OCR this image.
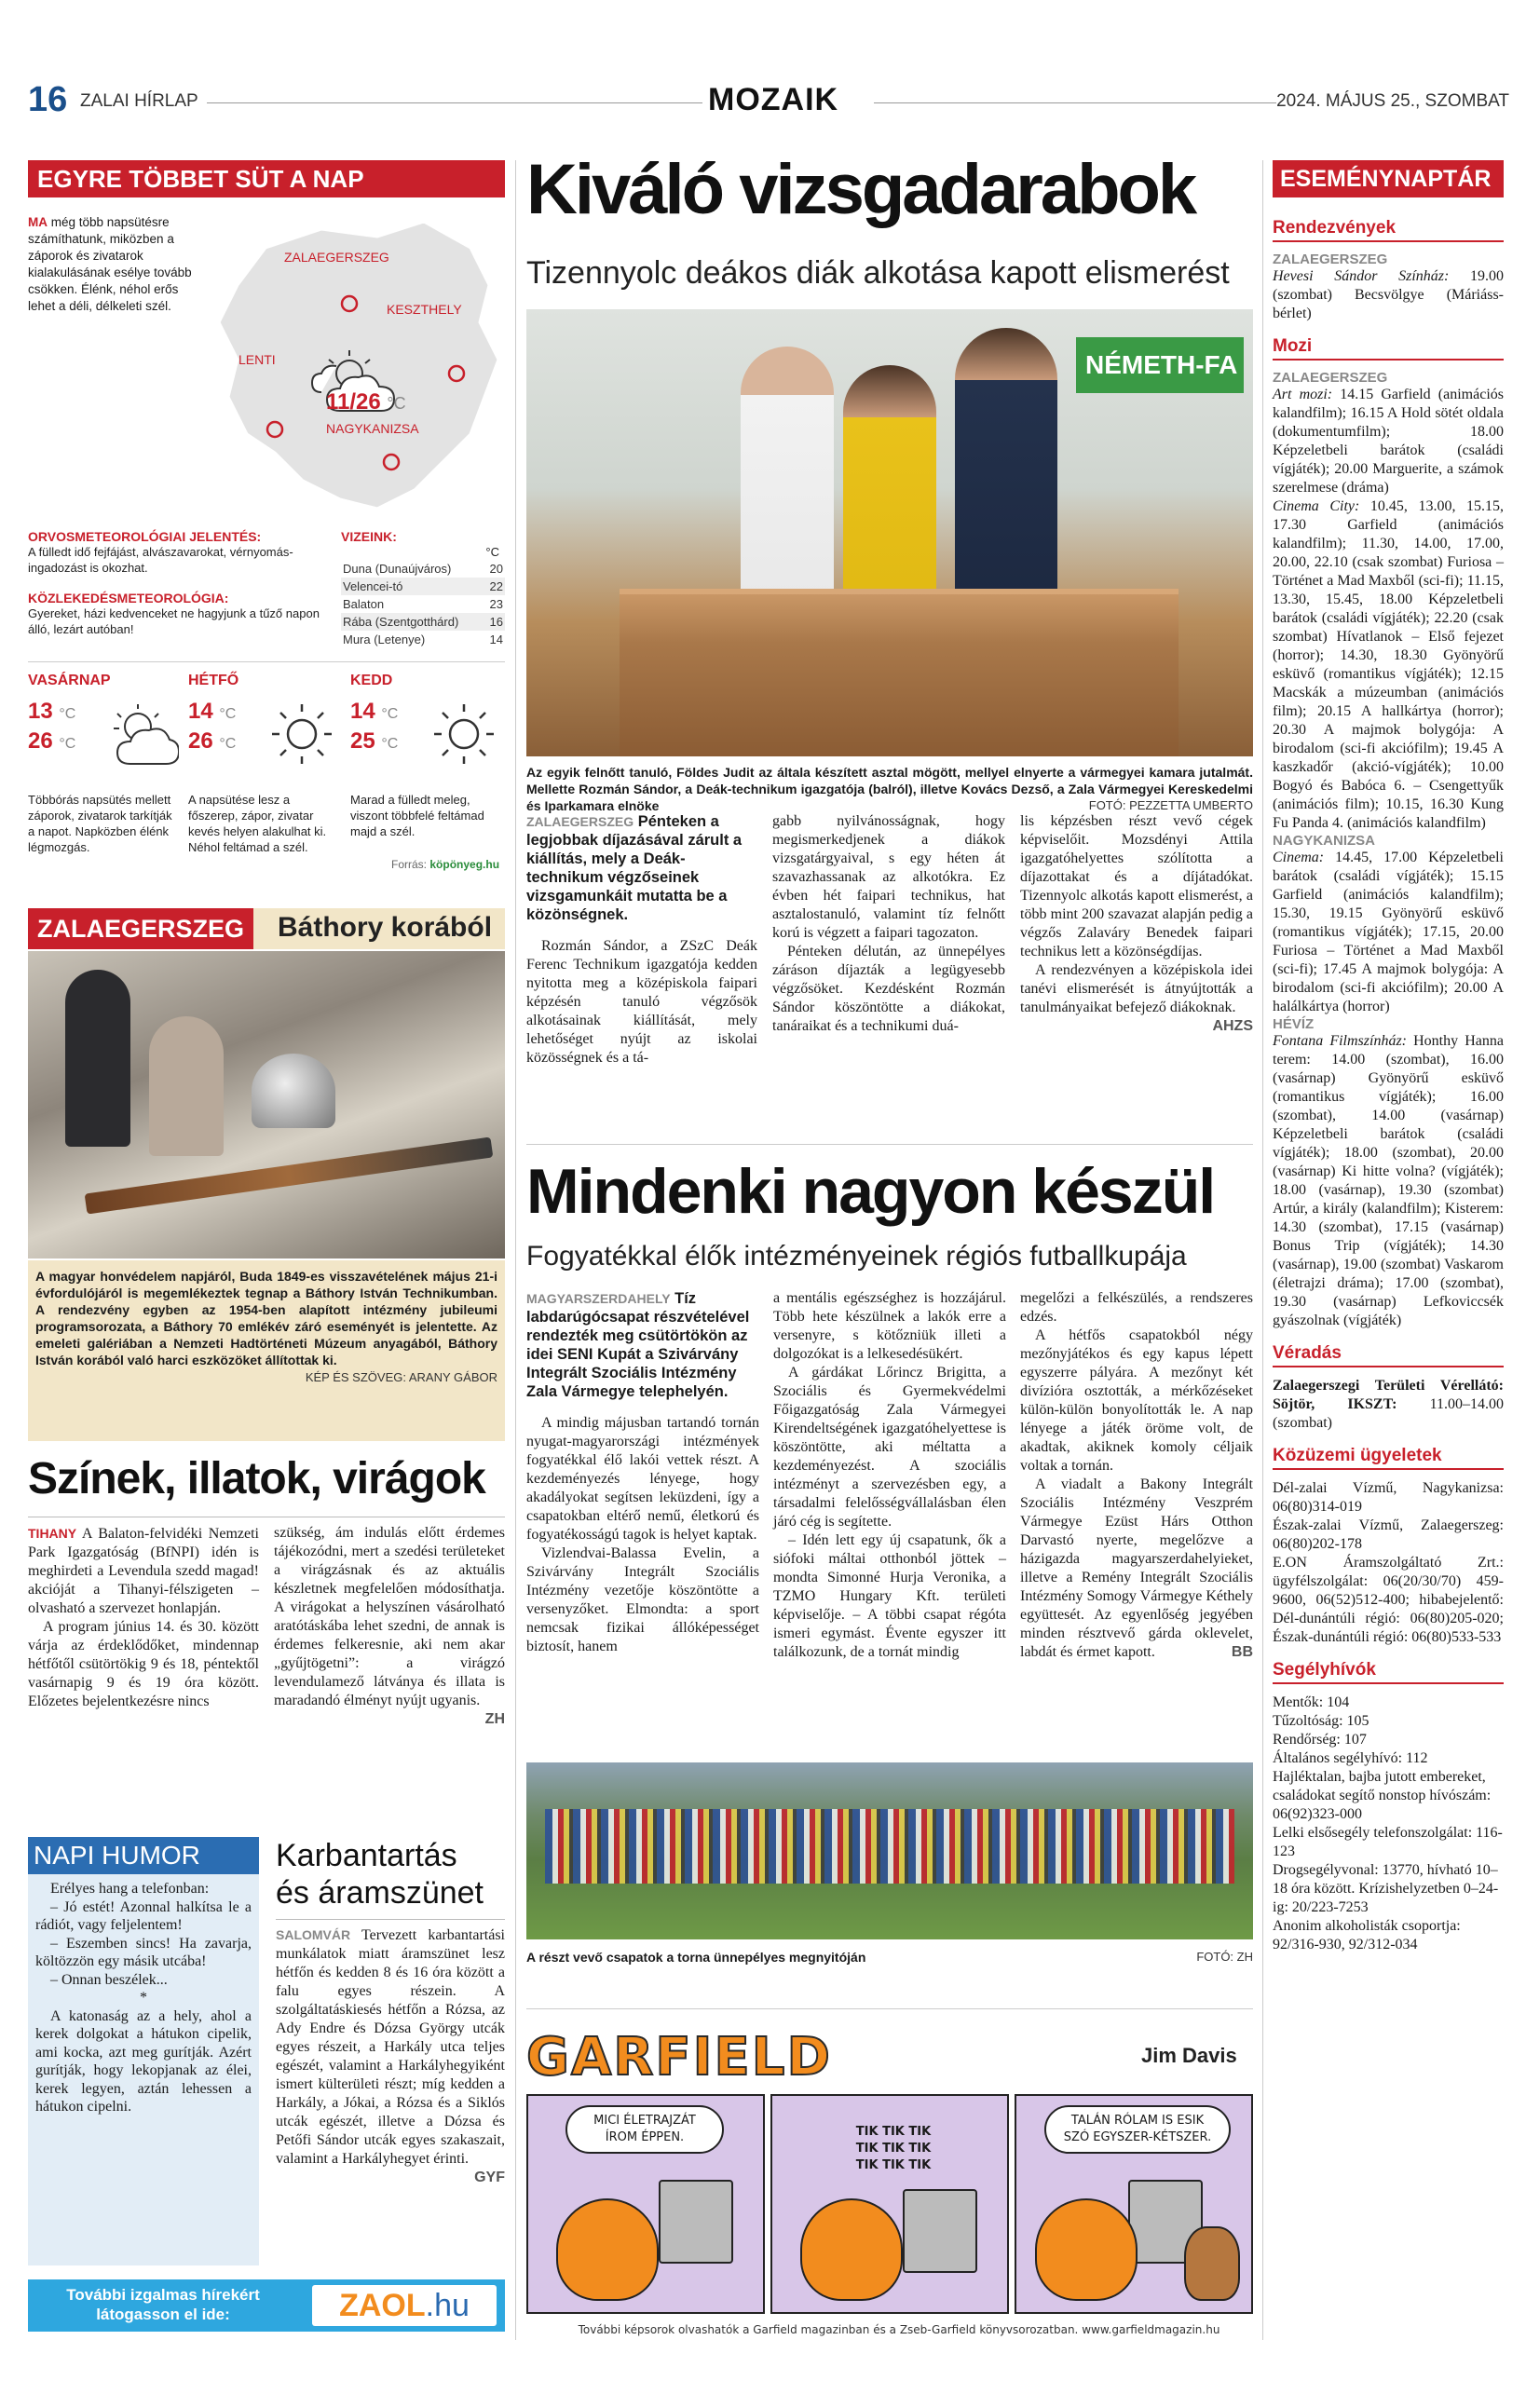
16 ZALAI HÍRLAP	MOZAIK	2024. MÁJUS 25., SZOMBAT
EGYRE TÖBBET SÜT A NAP
MA még több napsütésre számíthatunk, miközben a záporok és zivatarok kialakulásának esélye tovább csökken. Élénk, néhol erős lehet a déli, délkeleti szél.
ZALAEGERSZEG
KESZTHELY
LENTI
NAGYKANIZSA
11/26 °C
ORVOSMETEOROLÓGIAI JELENTÉS:
A fülledt idő fejfájást, alvászavarokat, vérnyomás-ingadozást is okozhat.
KÖZLEKEDÉSMETEOROLÓGIA:
Gyereket, házi kedvenceket ne hagyjunk a tűző napon álló, lezárt autóban!
VIZEINK:
°C
Duna (Dunaújváros)	20
Velencei-tó	22
Balaton	23
Rába (Szentgotthárd)	16
Mura (Letenye)	14
VASÁRNAP
13 °C
26 °C
Többórás napsütés mellett záporok, zivatarok tarkítják a napot. Napközben élénk légmozgás.
HÉTFŐ
14 °C
26 °C
A napsütése lesz a főszerep, zápor, zivatar kevés helyen alakulhat ki. Néhol feltámad a szél.
KEDD
14 °C
25 °C
Marad a fülledt meleg, viszont többfelé feltámad majd a szél.
Forrás: köpönyeg.hu
ZALAEGERSZEG	Báthory korából
A magyar honvédelem napjáról, Buda 1849-es visszavételének május 21-i évfordulójáról is megemlékeztek tegnap a Báthory István Technikumban. A rendezvény egyben az 1954-ben alapított intézmény jubileumi programsorozata, a Báthory 70 emlékév záró eseményét is jelentette. Az emeleti galériában a Nemzeti Hadtörténeti Múzeum anyagából, Báthory István korából való harci eszközöket állítottak ki.
KÉP ÉS SZÖVEG: ARANY GÁBOR
Színek, illatok, virágok

TIHANY A Balaton-felvidéki Nemzeti Park Igazgatóság (BfNPI) idén is meghirdeti a Levendula szedd magad! akcióját a Tihanyi-félszigeten – olvasható a szervezet honlapján.

A program június 14. és 30. között várja az érdeklődőket, mindennap hétfőtől csütörtökig 9 és 18, péntektől vasárnapig 9 és 19 óra között. Előzetes bejelentkezésre nincs

szükség, ám indulás előtt érdemes tájékozódni, mert a szedési területeket a virágzásnak és az aktuális készletnek megfelelően módosíthatja. A virágokat a helyszínen vásárolható aratótáskába lehet szedni, de annak is érdemes felkeresnie, aki nem akar „gyűjtögetni”: a virágzó levendulamező látványa és illata is maradandó élményt nyújt ugyanis.
ZH

NAPI HUMOR

Erélyes hang a telefonban:

– Jó estét! Azonnal halkítsa le a rádiót, vagy feljelentem!

– Eszemben sincs! Ha zavarja, költözzön egy másik utcába!

– Onnan beszélek...

*

A katonaság az a hely, ahol a kerek dolgokat a hátukon cipelik, ami kocka, azt meg gurítják. Azért gurítják, hogy lekopjanak az élei, kerek legyen, aztán lehessen a hátukon cipelni.

Karbantartás
és áramszünet

SALOMVÁR Tervezett karbantartási munkálatok miatt áramszünet lesz hétfőn és kedden 8 és 16 óra között a falu egyes részein. A szolgáltatáskiesés hétfőn a Rózsa, az Ady Endre és Dózsa György utcák egyes részeit, a Harkály utca teljes egészét, valamint a Harkályhegyiként ismert külterületi részt; míg kedden a Harkály, a Jókai, a Rózsa és a Siklós utcák egészét, illetve a Dózsa és Petőfi Sándor utcák egyes szakaszait, valamint a Harkályhegyet érinti.
GYF

További izgalmas hírekért
látogasson el ide:	ZAOL.hu
Kiváló vizsgadarabok
Tizennyolc deákos diák alkotása kapott elismerést
NÉMETH-FA
Az egyik felnőtt tanuló, Földes Judit az általa készített asztal mögött, mellyel elnyerte a vármegyei kamara jutalmát. Mellette Rozmán Sándor, a Deák-technikum igazgatója (balról), illetve Kovács Dezső, a Zala Vármegyei Kereskedelmi és Iparkamara elnöke	FOTÓ: PEZZETTA UMBERTO

ZALAEGERSZEG Pénteken a legjobbak díjazásával zárult a kiállítás, mely a Deák-technikum végzőseinek vizsgamunkáit mutatta be a közönségnek.

Rozmán Sándor, a ZSzC Deák Ferenc Technikum igazgatója kedden nyitotta meg a középiskola faipari képzésén tanuló végzősök alkotásainak kiállítását, mely lehetőséget nyújt az iskolai közösségnek és a tá-

gabb nyilvánosságnak, hogy megismerkedjenek a diákok vizsgatárgyaival, s egy héten át szavazhassanak az alkotókra. Ez évben hét faipari technikus, hat asztalostanuló, valamint tíz felnőtt korú is végzett a faipari tagozaton.

Pénteken délután, az ünnepélyes záráson díjazták a legügyesebb végzősöket. Kezdésként Rozmán Sándor köszöntötte a diákokat, tanáraikat és a technikumi duá-

lis képzésben részt vevő cégek képviselőit. Mozsdényi Attila igazgatóhelyettes szólította a díjazottakat és a díjátadókat. Tizennyolc alkotás kapott elismerést, a több mint 200 szavazat alapján pedig a végzős Zalaváry Benedek faipari technikus lett a közönségdíjas.

A rendezvényen a középiskola idei tanévi elismerését is átnyújtották a tanulmányaikat befejező diákoknak.
AHZS

Mindenki nagyon készül
Fogyatékkal élők intézményeinek régiós futballkupája

MAGYARSZERDAHELY Tíz labdarúgócsapat részvételével rendezték meg csütörtökön az idei SENI Kupát a Szivárvány Integrált Szociális Intézmény Zala Vármegye telephelyén.

A mindig májusban tartandó tornán nyugat-magyarországi intézmények fogyatékkal élő lakói vettek részt. A kezdeményezés lényege, hogy akadályokat segítsen leküzdeni, így a csapatokban eltérő nemű, életkorú és fogyatékosságú tagok is helyet kaptak.

Vizlendvai-Balassa Evelin, a Szivárvány Integrált Szociális Intézmény vezetője köszöntötte a versenyzőket. Elmondta: a sport nemcsak fizikai állóképességet biztosít, hanem

a mentális egészséghez is hozzájárul. Több hete készülnek a lakók erre a versenyre, s kötőzniük illeti a dolgozókat is a lelkesedésükért.

A gárdákat Lőrincz Brigitta, a Szociális és Gyermekvédelmi Főigazgatóság Zala Vármegyei Kirendeltségének igazgatóhelyettese is köszöntötte, aki méltatta a kezdeményezést. A szociális intézményt a szervezésben egy, a társadalmi felelősségvállalásban élen járó cég is segítette.

– Idén lett egy új csapatunk, ők a siófoki máltai otthonból jöttek – mondta Simonné Hurja Veronika, a TZMO Hungary Kft. területi képviselője. – A többi csapat régóta ismeri egymást. Évente egyszer itt találkozunk, de a tornát mindig

megelőzi a felkészülés, a rendszeres edzés.

A hétfős csapatokból négy mezőnyjátékos és egy kapus lépett egyszerre pályára. A mezőnyt két divízióra osztották, a mérkőzéseket külön-külön bonyolították le. A nap lényege a játék öröme volt, de akadtak, akiknek komoly céljaik voltak a tornán.

A viadalt a Bakony Integrált Szociális Intézmény Veszprém Vármegye Ezüst Hárs Otthon Darvastó nyerte, megelőzve a házigazda magyarszerdahelyieket, illetve a Remény Integrált Szociális Intézmény Somogy Vármegye Kéthely együttesét. Az egyenlőség jegyében minden résztvevő gárda oklevelet, labdát és érmet kapott.	BB

A részt vevő csapatok a torna ünnepélyes megnyitóján	FOTÓ: ZH
GARFIELD	Jim Davis
MICI ÉLETRAJZÁT
ÍROM ÉPPEN.	TIK TIK TIK
TIK TIK TIK
TIK TIK TIK
TALÁN RÓLAM IS ESIK
SZÓ EGYSZER-KÉTSZER.
További képsorok olvashatók a Garfield magazinban és a Zseb-Garfield könyvsorozatban. www.garfieldmagazin.hu
ESEMÉNYNAPTÁR
Rendezvények
ZALAEGERSZEG
Hevesi Sándor Színház: 19.00 (szombat) Becsvölgye (Máriáss-bérlet)
Mozi
ZALAEGERSZEG
Art mozi: 14.15 Garfield (animációs kalandfilm); 16.15 A Hold sötét oldala (dokumentumfilm); 18.00 Képzeletbeli barátok (családi vígjáték); 20.00 Marguerite, a számok szerelmese (dráma)
Cinema City: 10.45, 13.00, 15.15, 17.30 Garfield (animációs kalandfilm); 11.30, 14.00, 17.00, 20.00, 22.10 (csak szombat) Furiosa – Történet a Mad Maxből (sci-fi); 11.15, 13.30, 15.45, 18.00 Képzeletbeli barátok (családi vígjáték); 22.20 (csak szombat) Hívatlanok – Első fejezet (horror); 14.30, 18.30 Gyönyörű esküvő (romantikus vígjáték); 12.15 Macskák a múzeumban (animációs film); 20.15 A hallkártya (horror); 20.30 A majmok bolygója: A birodalom (sci-fi akciófilm); 19.45 A kaszkadőr (akció-vígjáték); 10.00 Bogyó és Babóca 6. – Csengettyűk (animációs film); 10.15, 16.30 Kung Fu Panda 4. (animációs kalandfilm)
NAGYKANIZSA
Cinema: 14.45, 17.00 Képzeletbeli barátok (családi vígjáték); 15.15 Garfield (animációs kalandfilm); 15.30, 19.15 Gyönyörű esküvő (romantikus vígjáték); 17.15, 20.00 Furiosa – Történet a Mad Maxből (sci-fi); 17.45 A majmok bolygója: A birodalom (sci-fi akciófilm); 20.00 A halálkártya (horror)
HÉVÍZ
Fontana Filmszínház: Honthy Hanna terem: 14.00 (szombat), 16.00 (vasárnap) Gyönyörű esküvő (romantikus vígjáték); 16.00 (szombat), 14.00 (vasárnap) Képzeletbeli barátok (családi vígjáték); 18.00 (szombat), 20.00 (vasárnap) Ki hitte volna? (vígjáték); 18.00 (vasárnap), 19.30 (szombat) Artúr, a király (kalandfilm); Kisterem: 14.30 (szombat), 17.15 (vasárnap) Bonus Trip (vígjáték); 14.30 (vasárnap), 19.00 (szombat) Vaskarom (életrajzi dráma); 17.00 (szombat), 19.30 (vasárnap) Lefkoviccsék gyászolnak (vígjáték)
Véradás
Zalaegerszegi Területi Vérellátó: Söjtör, IKSZT: 11.00–14.00 (szombat)
Közüzemi ügyeletek
Dél-zalai Vízmű, Nagykanizsa: 06(80)314-019
Észak-zalai Vízmű, Zalaegerszeg: 06(80)202-178
E.ON Áramszolgáltató Zrt.: ügyfélszolgálat: 06(20/30/70) 459-9600, 06(52)512-400; hibabejelentő: Dél-dunántúli régió: 06(80)205-020; Észak-dunántúli régió: 06(80)533-533
Segélyhívók
Mentők: 104
Tűzoltóság: 105
Rendőrség: 107
Általános segélyhívó: 112
Hajléktalan, bajba jutott embereket, családokat segítő nonstop hívószám: 06(92)323-000
Lelki elsősegély telefonszolgálat: 116-123
Drogsegélyvonal: 13770, hívható 10–18 óra között. Krízishelyzetben 0–24-ig: 20/223-7253
Anonim alkoholisták csoportja: 92/316-930, 92/312-034
